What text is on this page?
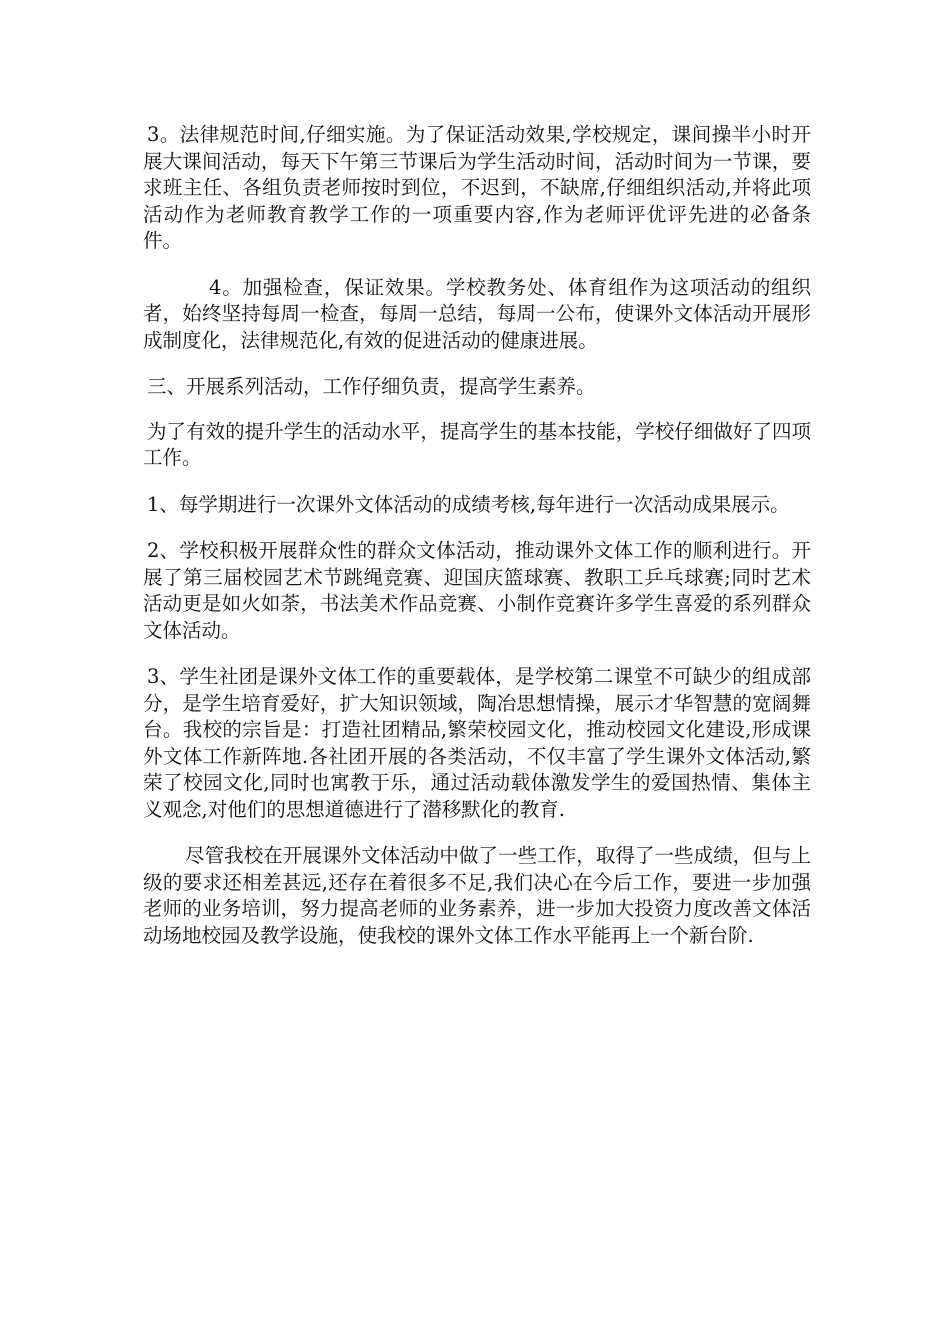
3。法律规范时间,仔细实施。为了保证活动效果,学校规定，课间操半小时开展大课间活动，每天下午第三节课后为学生活动时间，活动时间为一节课，要求班主任、各组负责老师按时到位，不迟到，不缺席,仔细组织活动,并将此项活动作为老师教育教学工作的一项重要内容,作为老师评优评先进的必备条件。

4。加强检查，保证效果。学校教务处、体育组作为这项活动的组织者，始终坚持每周一检查，每周一总结，每周一公布，使课外文体活动开展形成制度化，法律规范化,有效的促进活动的健康进展。

三、开展系列活动，工作仔细负责，提高学生素养。

为了有效的提升学生的活动水平，提高学生的基本技能，学校仔细做好了四项工作。

1、每学期进行一次课外文体活动的成绩考核,每年进行一次活动成果展示。

2、学校积极开展群众性的群众文体活动，推动课外文体工作的顺利进行。开展了第三届校园艺术节跳绳竞赛、迎国庆篮球赛、教职工乒乓球赛;同时艺术活动更是如火如荼，书法美术作品竞赛、小制作竞赛许多学生喜爱的系列群众文体活动。

3、学生社团是课外文体工作的重要载体，是学校第二课堂不可缺少的组成部分，是学生培育爱好，扩大知识领域，陶冶思想情操，展示才华智慧的宽阔舞台。我校的宗旨是：打造社团精品,繁荣校园文化，推动校园文化建设,形成课外文体工作新阵地.各社团开展的各类活动，不仅丰富了学生课外文体活动,繁荣了校园文化,同时也寓教于乐，通过活动载体激发学生的爱国热情、集体主义观念,对他们的思想道德进行了潜移默化的教育.

尽管我校在开展课外文体活动中做了一些工作，取得了一些成绩，但与上级的要求还相差甚远,还存在着很多不足,我们决心在今后工作，要进一步加强老师的业务培训，努力提高老师的业务素养，进一步加大投资力度改善文体活动场地校园及教学设施，使我校的课外文体工作水平能再上一个新台阶.
